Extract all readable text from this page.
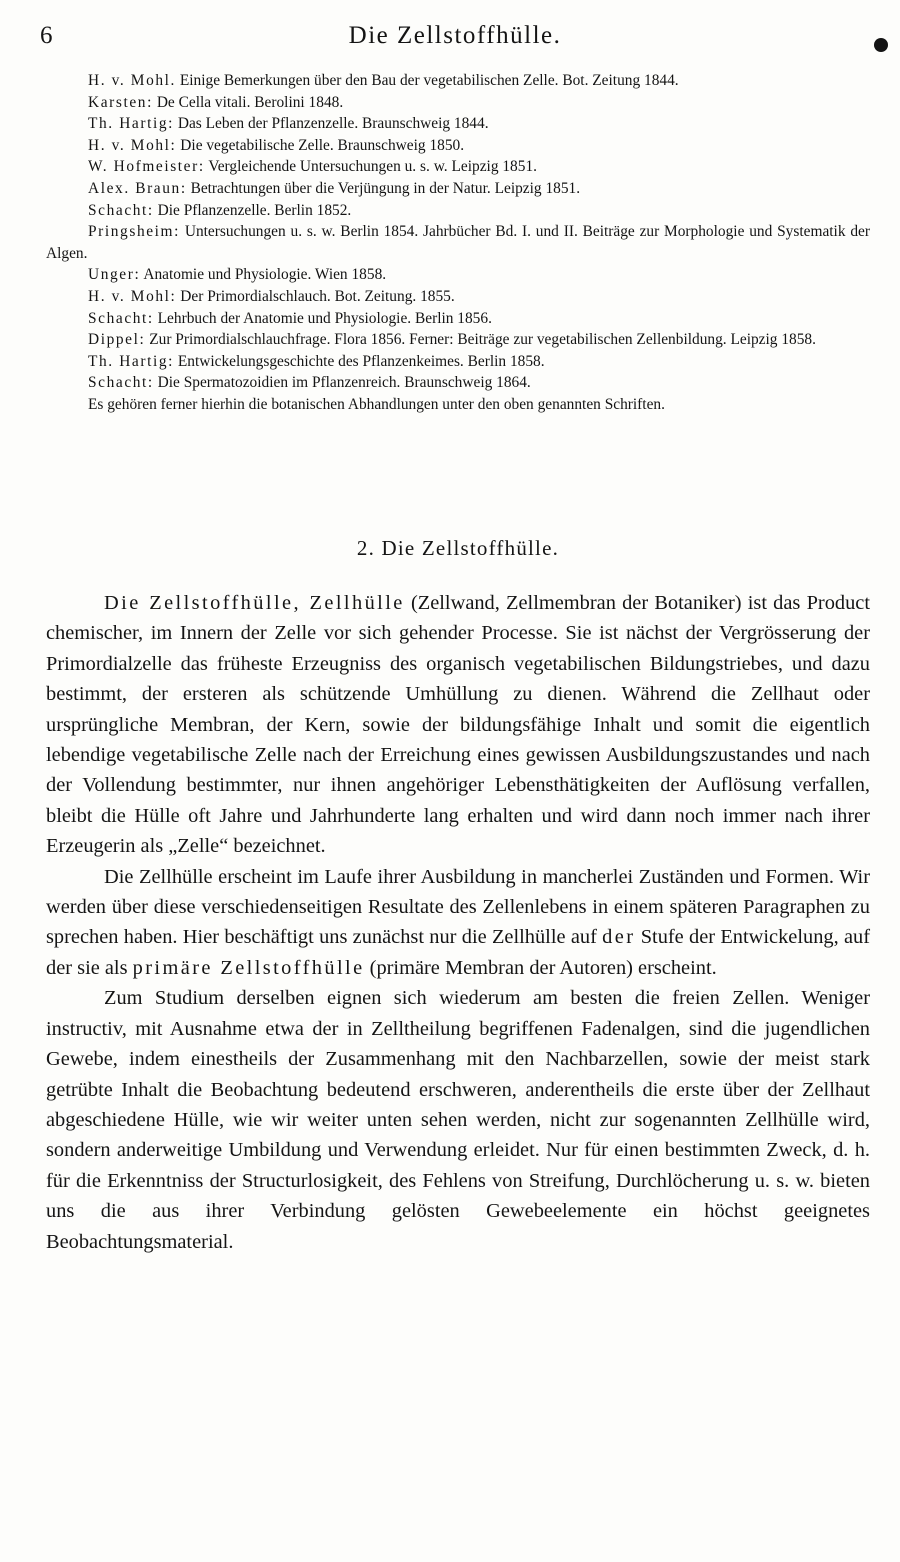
6	Die Zellstoffhülle.
H. v. Mohl. Einige Bemerkungen über den Bau der vegetabilischen Zelle. Bot. Zeitung 1844.
Karsten: De Cella vitali. Berolini 1848.
Th. Hartig: Das Leben der Pflanzenzelle. Braunschweig 1844.
H. v. Mohl: Die vegetabilische Zelle. Braunschweig 1850.
W. Hofmeister: Vergleichende Untersuchungen u. s. w. Leipzig 1851.
Alex. Braun: Betrachtungen über die Verjüngung in der Natur. Leipzig 1851.
Schacht: Die Pflanzenzelle. Berlin 1852.
Pringsheim: Untersuchungen u. s. w. Berlin 1854. Jahrbücher Bd. I. und II. Beiträge zur Morphologie und Systematik der Algen.
Unger: Anatomie und Physiologie. Wien 1858.
H. v. Mohl: Der Primordialschlauch. Bot. Zeitung. 1855.
Schacht: Lehrbuch der Anatomie und Physiologie. Berlin 1856.
Dippel: Zur Primordialschlauchfrage. Flora 1856. Ferner: Beiträge zur vegetabilischen Zellenbildung. Leipzig 1858.
Th. Hartig: Entwickelungsgeschichte des Pflanzenkeimes. Berlin 1858.
Schacht: Die Spermatozoidien im Pflanzenreich. Braunschweig 1864.
Es gehören ferner hierhin die botanischen Abhandlungen unter den oben genannten Schriften.
2. Die Zellstoffhülle.

Die Zellstoffhülle, Zellhülle (Zellwand, Zellmembran der Botaniker) ist das Product chemischer, im Innern der Zelle vor sich gehender Processe. Sie ist nächst der Vergrösserung der Primordialzelle das früheste Erzeugniss des organisch vegetabilischen Bildungstriebes, und dazu bestimmt, der ersteren als schützende Umhüllung zu dienen. Während die Zellhaut oder ursprüngliche Membran, der Kern, sowie der bildungsfähige Inhalt und somit die eigentlich lebendige vegetabilische Zelle nach der Erreichung eines gewissen Ausbildungszustandes und nach der Vollendung bestimmter, nur ihnen angehöriger Lebensthätigkeiten der Auflösung verfallen, bleibt die Hülle oft Jahre und Jahrhunderte lang erhalten und wird dann noch immer nach ihrer Erzeugerin als „Zelle“ bezeichnet.

Die Zellhülle erscheint im Laufe ihrer Ausbildung in mancherlei Zuständen und Formen. Wir werden über diese verschiedenseitigen Resultate des Zellenlebens in einem späteren Paragraphen zu sprechen haben. Hier beschäftigt uns zunächst nur die Zellhülle auf der Stufe der Entwickelung, auf der sie als primäre Zellstoffhülle (primäre Membran der Autoren) erscheint.

Zum Studium derselben eignen sich wiederum am besten die freien Zellen. Weniger instructiv, mit Ausnahme etwa der in Zelltheilung begriffenen Fadenalgen, sind die jugendlichen Gewebe, indem einestheils der Zusammenhang mit den Nachbarzellen, sowie der meist stark getrübte Inhalt die Beobachtung bedeutend erschweren, anderentheils die erste über der Zellhaut abgeschiedene Hülle, wie wir weiter unten sehen werden, nicht zur sogenannten Zellhülle wird, sondern anderweitige Umbildung und Verwendung erleidet. Nur für einen bestimmten Zweck, d. h. für die Erkenntniss der Structurlosigkeit, des Fehlens von Streifung, Durchlöcherung u. s. w. bieten uns die aus ihrer Verbindung gelösten Gewebeelemente ein höchst geeignetes Beobachtungsmaterial.
